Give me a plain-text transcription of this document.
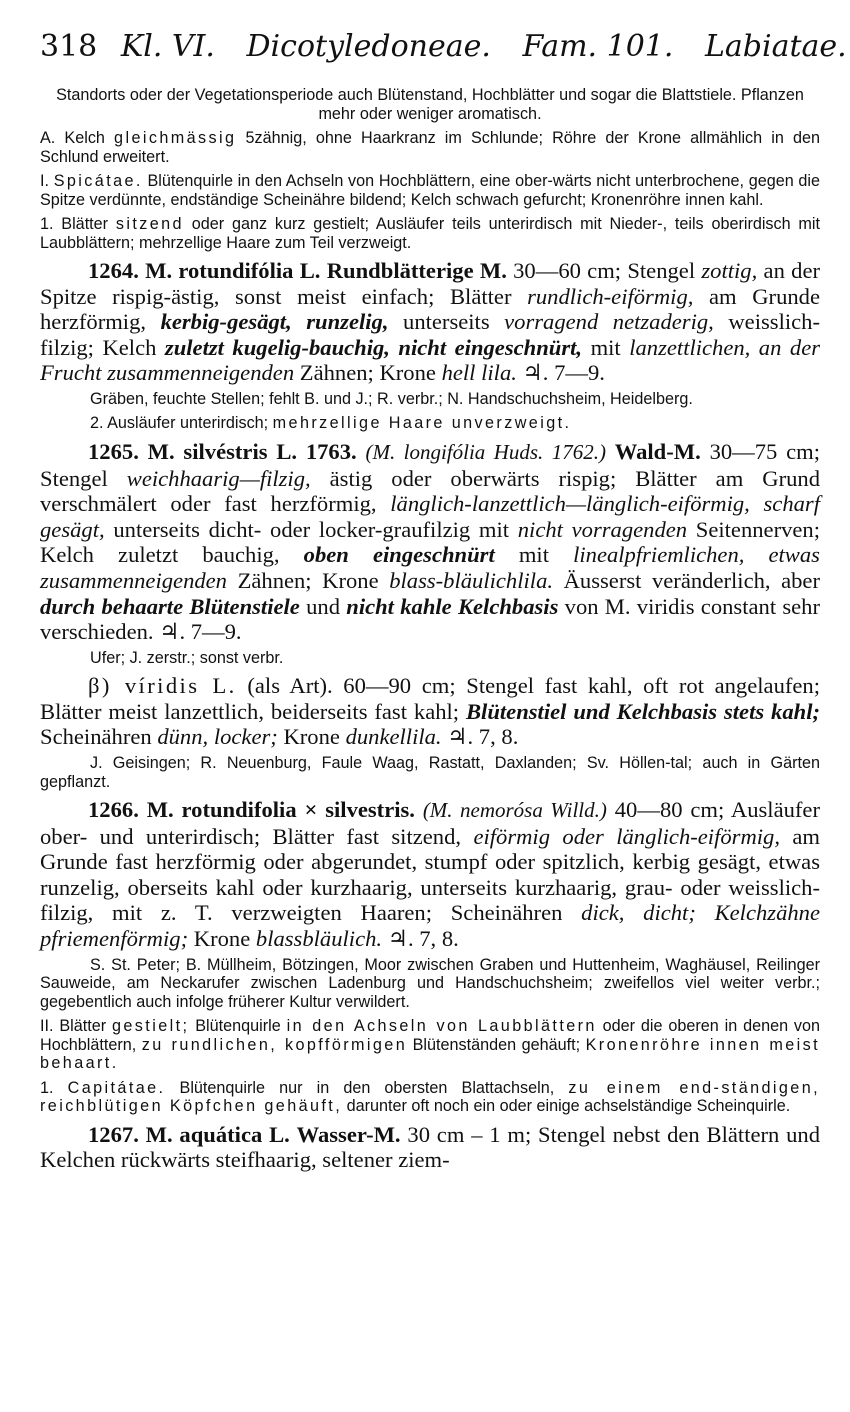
318 Kl. VI. Dicotyledoneae. Fam. 101. Labiatae.

Standorts oder der Vegetationsperiode auch Blütenstand, Hochblätter und sogar die Blattstiele. Pflanzen mehr oder weniger aromatisch.

A. Kelch gleichmässig 5zähnig, ohne Haarkranz im Schlunde; Röhre der Krone allmählich in den Schlund erweitert.

I. Spicátae. Blütenquirle in den Achseln von Hochblättern, eine ober-wärts nicht unterbrochene, gegen die Spitze verdünnte, endständige Scheinähre bildend; Kelch schwach gefurcht; Kronenröhre innen kahl.

1. Blätter sitzend oder ganz kurz gestielt; Ausläufer teils unterirdisch mit Nieder-, teils oberirdisch mit Laubblättern; mehrzellige Haare zum Teil verzweigt.

1264. M. rotundifólia L. Rundblätterige M. 30—60 cm; Stengel zottig, an der Spitze rispig-ästig, sonst meist einfach; Blätter rundlich-eiförmig, am Grunde herzförmig, kerbig-gesägt, runzelig, unterseits vorragend netzaderig, weisslich-filzig; Kelch zuletzt kugelig-bauchig, nicht eingeschnürt, mit lanzettlichen, an der Frucht zusammenneigenden Zähnen; Krone hell lila. ♃. 7—9.

Gräben, feuchte Stellen; fehlt B. und J.; R. verbr.; N. Handschuchsheim, Heidelberg.

2. Ausläufer unterirdisch; mehrzellige Haare unverzweigt.

1265. M. silvéstris L. 1763. (M. longifólia Huds. 1762.) Wald-M. 30—75 cm; Stengel weichhaarig—filzig, ästig oder oberwärts rispig; Blätter am Grund verschmälert oder fast herzförmig, länglich-lanzettlich—länglich-eiförmig, scharf gesägt, unterseits dicht- oder locker-graufilzig mit nicht vorragenden Seitennerven; Kelch zuletzt bauchig, oben eingeschnürt mit linealpfriemlichen, etwas zusammenneigenden Zähnen; Krone blass-bläulichlila. Äusserst veränderlich, aber durch behaarte Blütenstiele und nicht kahle Kelchbasis von M. viridis constant sehr verschieden. ♃. 7—9.

Ufer; J. zerstr.; sonst verbr.

β) víridis L. (als Art). 60—90 cm; Stengel fast kahl, oft rot angelaufen; Blätter meist lanzettlich, beiderseits fast kahl; Blütenstiel und Kelchbasis stets kahl; Scheinähren dünn, locker; Krone dunkellila. ♃. 7, 8.

J. Geisingen; R. Neuenburg, Faule Waag, Rastatt, Daxlanden; Sv. Höllen-tal; auch in Gärten gepflanzt.

1266. M. rotundifolia × silvestris. (M. nemorósa Willd.) 40—80 cm; Ausläufer ober- und unterirdisch; Blätter fast sitzend, eiförmig oder länglich-eiförmig, am Grunde fast herzförmig oder abgerundet, stumpf oder spitzlich, kerbig gesägt, etwas runzelig, oberseits kahl oder kurzhaarig, unterseits kurzhaarig, grau- oder weisslich-filzig, mit z. T. verzweigten Haaren; Scheinähren dick, dicht; Kelchzähne pfriemenförmig; Krone blassbläulich. ♃. 7, 8.

S. St. Peter; B. Müllheim, Bötzingen, Moor zwischen Graben und Huttenheim, Waghäusel, Reilinger Sauweide, am Neckarufer zwischen Ladenburg und Handschuchsheim; zweifellos viel weiter verbr.; gegebentlich auch infolge früherer Kultur verwildert.

II. Blätter gestielt; Blütenquirle in den Achseln von Laubblättern oder die oberen in denen von Hochblättern, zu rundlichen, kopfförmigen Blütenständen gehäuft; Kronenröhre innen meist behaart.

1. Capitátae. Blütenquirle nur in den obersten Blattachseln, zu einem end-ständigen, reichblütigen Köpfchen gehäuft, darunter oft noch ein oder einige achselständige Scheinquirle.

1267. M. aquática L. Wasser-M. 30 cm – 1 m; Stengel nebst den Blättern und Kelchen rückwärts steifhaarig, seltener ziem-
